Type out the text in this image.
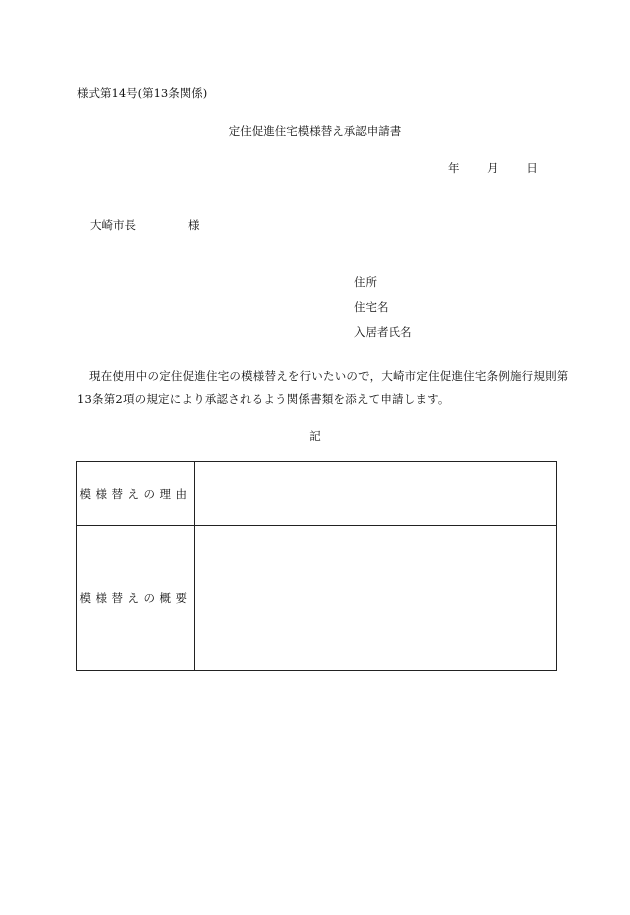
様式第14号(第13条関係)
定住促進住宅模様替え承認申請書
年 月 日
大崎市長	様
住所
住宅名
入居者氏名
現在使用中の定住促進住宅の模様替えを行いたいので，大崎市定住促進住宅条例施行規則第13条第2項の規定により承認されるよう関係書類を添えて申請します。
記
模様替えの理由
模様替えの概要
